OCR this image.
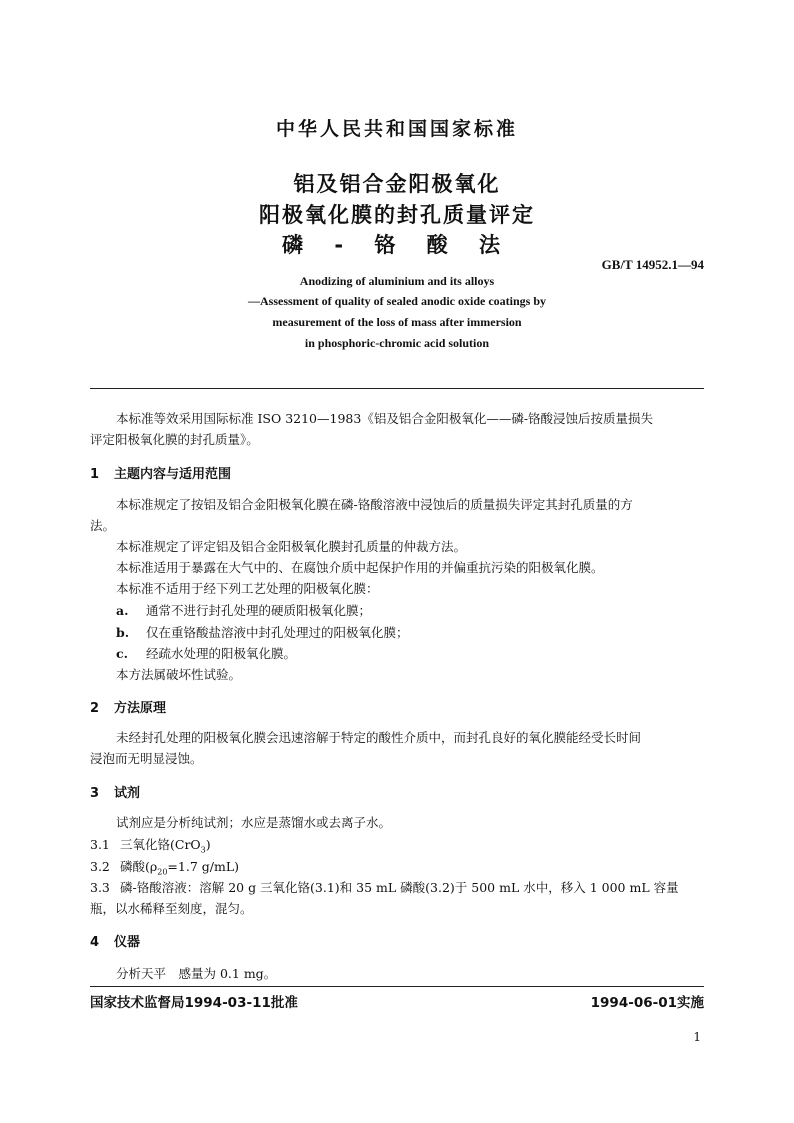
中华人民共和国国家标准
铝及铝合金阳极氧化
阳极氧化膜的封孔质量评定
磷 - 铬 酸 法
GB/T 14952.1—94
Anodizing of aluminium and its alloys
—Assessment of quality of sealed anodic oxide coatings by
measurement of the loss of mass after immersion
in phosphoric-chromic acid solution
本标准等效采用国际标准 ISO 3210—1983《铝及铝合金阳极氧化——磷-铬酸浸蚀后按质量损失
评定阳极氧化膜的封孔质量》。
1 主题内容与适用范围
本标准规定了按铝及铝合金阳极氧化膜在磷-铬酸溶液中浸蚀后的质量损失评定其封孔质量的方
法。
本标准规定了评定铝及铝合金阳极氧化膜封孔质量的仲裁方法。
本标准适用于暴露在大气中的、在腐蚀介质中起保护作用的并偏重抗污染的阳极氧化膜。
本标准不适用于经下列工艺处理的阳极氧化膜：
a. 通常不进行封孔处理的硬质阳极氧化膜；
b. 仅在重铬酸盐溶液中封孔处理过的阳极氧化膜；
c. 经疏水处理的阳极氧化膜。
本方法属破坏性试验。
2 方法原理
未经封孔处理的阳极氧化膜会迅速溶解于特定的酸性介质中，而封孔良好的氧化膜能经受长时间
浸泡而无明显浸蚀。
3 试剂
试剂应是分析纯试剂；水应是蒸馏水或去离子水。
3.1 三氧化铬(CrO$_3$)
3.2 磷酸($\rho_{20}=1.7$ g/mL)
3.3 磷-铬酸溶液：溶解 20 g 三氧化铬(3.1)和 35 mL 磷酸(3.2)于 500 mL 水中，移入 1 000 mL 容量
瓶，以水稀释至刻度，混匀。
4 仪器
分析天平　感量为 0.1 mg。
国家技术监督局1994-03-11批准	1994-06-01实施
1
